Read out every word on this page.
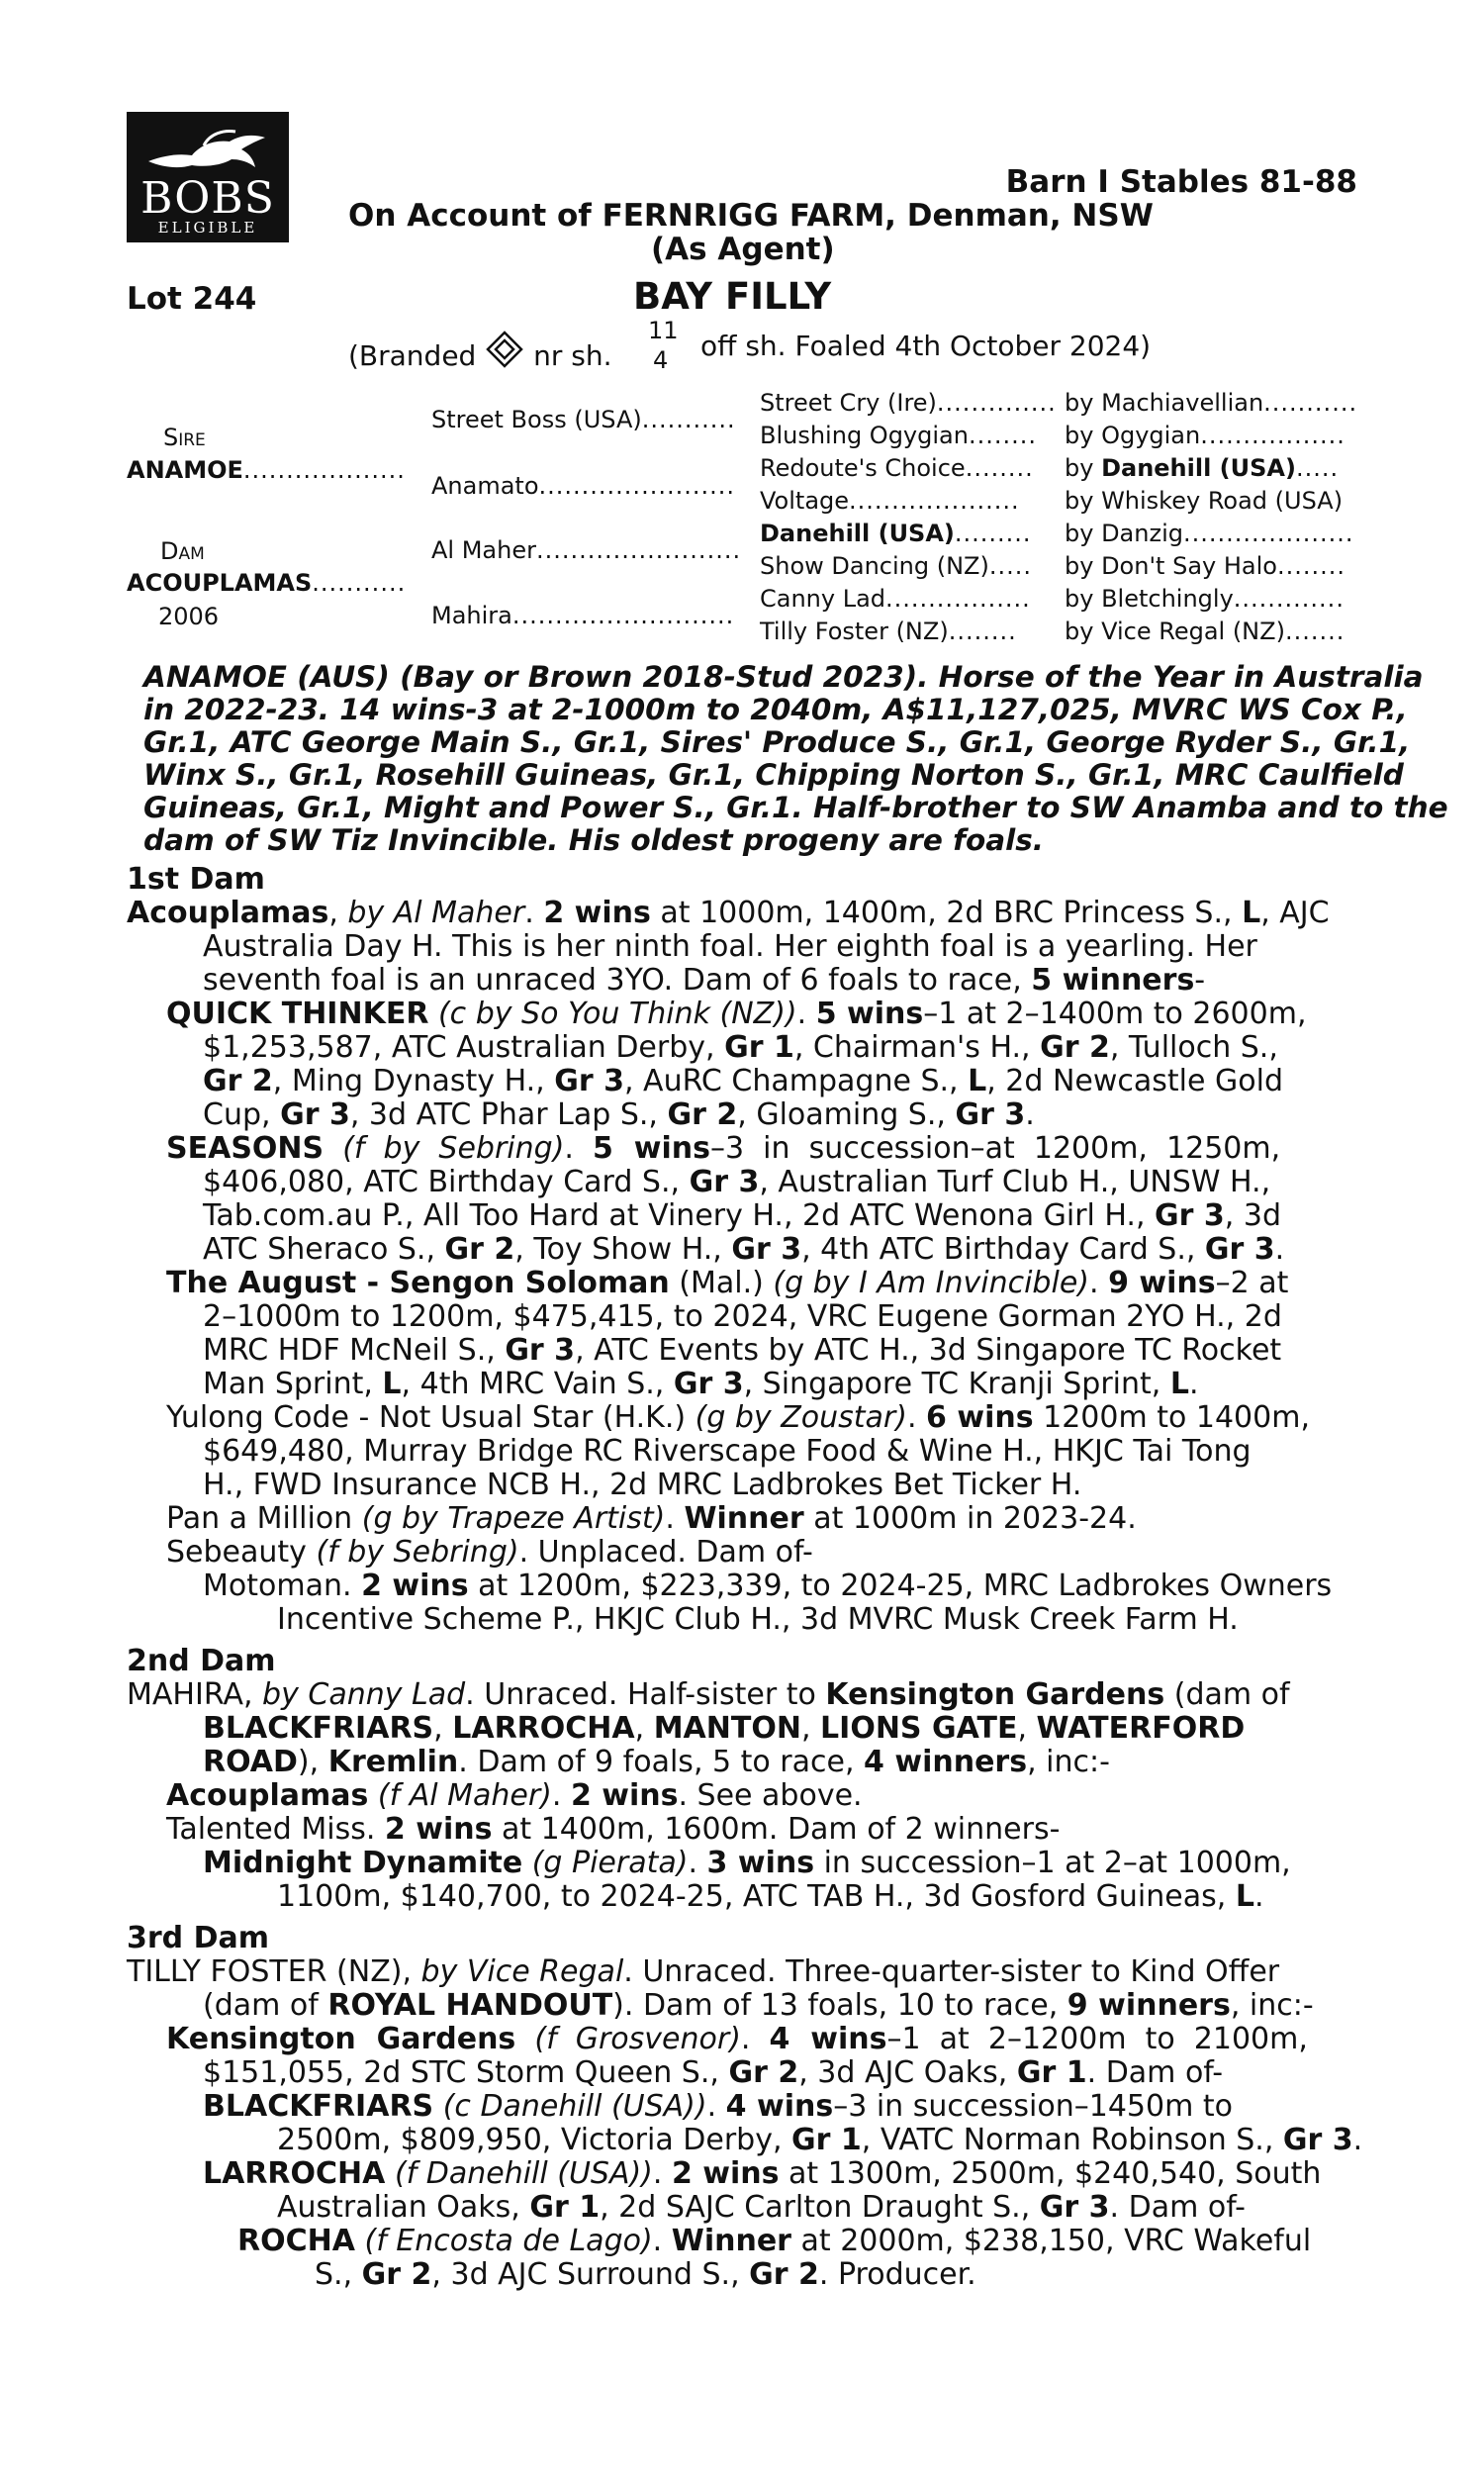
BOBS
ELIGIBLE
Barn I Stables 81-88
On Account of FERNRIGG FARM, Denman, NSW
(As Agent)
Lot 244	BAY FILLY
(Branded nr sh.
11
4 off sh. Foaled 4th October 2024)
Sire
ANAMOE...................
Dam
ACOUPLAMAS...........
2006
Street Boss (USA)...........
Anamato.......................
Al Maher........................
Mahira..........................
Street Cry (Ire)..............
Blushing Ogygian........
Redoute's Choice........
Voltage....................
Danehill (USA).........
Show Dancing (NZ).....
Canny Lad.................
Tilly Foster (NZ)........
by Machiavellian...........
by Ogygian.................
by Danehill (USA).....
by Whiskey Road (USA)
by Danzig....................
by Don't Say Halo........
by Bletchingly.............
by Vice Regal (NZ).......
ANAMOE (AUS) (Bay or Brown 2018-Stud 2023). Horse of the Year in Australia
in 2022-23. 14 wins-3 at 2-1000m to 2040m, A$11,127,025, MVRC WS Cox P.,
Gr.1, ATC George Main S., Gr.1, Sires' Produce S., Gr.1, George Ryder S., Gr.1,
Winx S., Gr.1, Rosehill Guineas, Gr.1, Chipping Norton S., Gr.1, MRC Caulfield
Guineas, Gr.1, Might and Power S., Gr.1. Half-brother to SW Anamba and to the
dam of SW Tiz Invincible. His oldest progeny are foals.
1st Dam
Acouplamas, by Al Maher. 2 wins at 1000m, 1400m, 2d BRC Princess S., L, AJC
Australia Day H. This is her ninth foal. Her eighth foal is a yearling. Her
seventh foal is an unraced 3YO. Dam of 6 foals to race, 5 winners-
QUICK THINKER (c by So You Think (NZ)). 5 wins–1 at 2–1400m to 2600m,
$1,253,587, ATC Australian Derby, Gr 1, Chairman's H., Gr 2, Tulloch S.,
Gr 2, Ming Dynasty H., Gr 3, AuRC Champagne S., L, 2d Newcastle Gold
Cup, Gr 3, 3d ATC Phar Lap S., Gr 2, Gloaming S., Gr 3.
SEASONS (f  by  Sebring).  5  wins–3  in  succession–at  1200m,  1250m,
$406,080, ATC Birthday Card S., Gr 3, Australian Turf Club H., UNSW H.,
Tab.com.au P., All Too Hard at Vinery H., 2d ATC Wenona Girl H., Gr 3, 3d
ATC Sheraco S., Gr 2, Toy Show H., Gr 3, 4th ATC Birthday Card S., Gr 3.
The August - Sengon Soloman (Mal.) (g by I Am Invincible). 9 wins–2 at
2–1000m to 1200m, $475,415, to 2024, VRC Eugene Gorman 2YO H., 2d
MRC HDF McNeil S., Gr 3, ATC Events by ATC H., 3d Singapore TC Rocket
Man Sprint, L, 4th MRC Vain S., Gr 3, Singapore TC Kranji Sprint, L.
Yulong Code - Not Usual Star (H.K.) (g by Zoustar). 6 wins 1200m to 1400m,
$649,480, Murray Bridge RC Riverscape Food & Wine H., HKJC Tai Tong
H., FWD Insurance NCB H., 2d MRC Ladbrokes Bet Ticker H.
Pan a Million (g by Trapeze Artist). Winner at 1000m in 2023-24.
Sebeauty (f by Sebring). Unplaced. Dam of-
Motoman. 2 wins at 1200m, $223,339, to 2024-25, MRC Ladbrokes Owners
Incentive Scheme P., HKJC Club H., 3d MVRC Musk Creek Farm H.
2nd Dam
MAHIRA, by Canny Lad. Unraced. Half-sister to Kensington Gardens (dam of
BLACKFRIARS, LARROCHA, MANTON, LIONS GATE, WATERFORD
ROAD), Kremlin. Dam of 9 foals, 5 to race, 4 winners, inc:-
Acouplamas (f Al Maher). 2 wins. See above.
Talented Miss. 2 wins at 1400m, 1600m. Dam of 2 winners-
Midnight Dynamite (g Pierata). 3 wins in succession–1 at 2–at 1000m,
1100m, $140,700, to 2024-25, ATC TAB H., 3d Gosford Guineas, L.
3rd Dam
TILLY FOSTER (NZ), by Vice Regal. Unraced. Three-quarter-sister to Kind Offer
(dam of ROYAL HANDOUT). Dam of 13 foals, 10 to race, 9 winners, inc:-
Kensington  Gardens (f  Grosvenor).  4  wins–1  at  2–1200m  to  2100m,
$151,055, 2d STC Storm Queen S., Gr 2, 3d AJC Oaks, Gr 1. Dam of-
BLACKFRIARS (c Danehill (USA)). 4 wins–3 in succession–1450m to
2500m, $809,950, Victoria Derby, Gr 1, VATC Norman Robinson S., Gr 3.
LARROCHA (f Danehill (USA)). 2 wins at 1300m, 2500m, $240,540, South
Australian Oaks, Gr 1, 2d SAJC Carlton Draught S., Gr 3. Dam of-
ROCHA (f Encosta de Lago). Winner at 2000m, $238,150, VRC Wakeful
S., Gr 2, 3d AJC Surround S., Gr 2. Producer.
